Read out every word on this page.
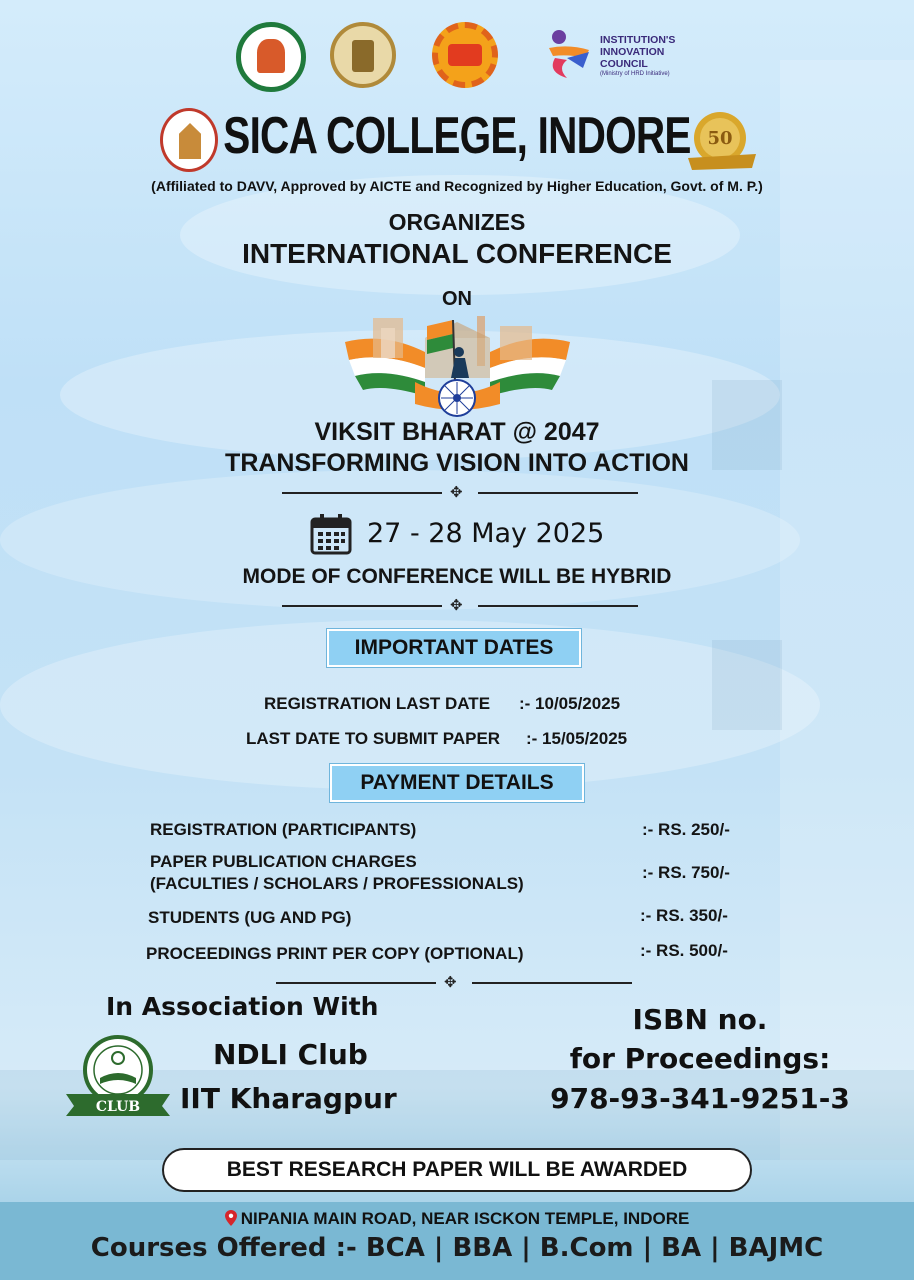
INSTITUTION'S
INNOVATION
COUNCIL
(Ministry of HRD Initiative)
50
SICA COLLEGE, INDORE
(Affiliated to DAVV, Approved by AICTE and Recognized by Higher Education, Govt. of M. P.)
ORGANIZES
INTERNATIONAL CONFERENCE
ON
VIKSIT BHARAT @ 2047
TRANSFORMING VISION INTO ACTION
✥
27 - 28 May 2025
MODE OF CONFERENCE WILL BE HYBRID
✥
IMPORTANT DATES
REGISTRATION LAST DATE :- 10/05/2025
LAST DATE TO SUBMIT PAPER :- 15/05/2025
PAYMENT DETAILS
REGISTRATION (PARTICIPANTS)	:- RS. 250/-
PAPER PUBLICATION CHARGES
(FACULTIES / SCHOLARS / PROFESSIONALS)
:- RS. 750/-
STUDENTS (UG AND PG)	:- RS. 350/-
PROCEEDINGS PRINT PER COPY (OPTIONAL)	:- RS. 500/-
✥
In Association With
CLUB
NDLI Club
IIT Kharagpur
ISBN no.
for Proceedings:
978-93-341-9251-3
BEST RESEARCH PAPER WILL BE AWARDED
NIPANIA MAIN ROAD, NEAR ISCKON TEMPLE, INDORE
Courses Offered :- BCA | BBA | B.Com | BA | BAJMC
